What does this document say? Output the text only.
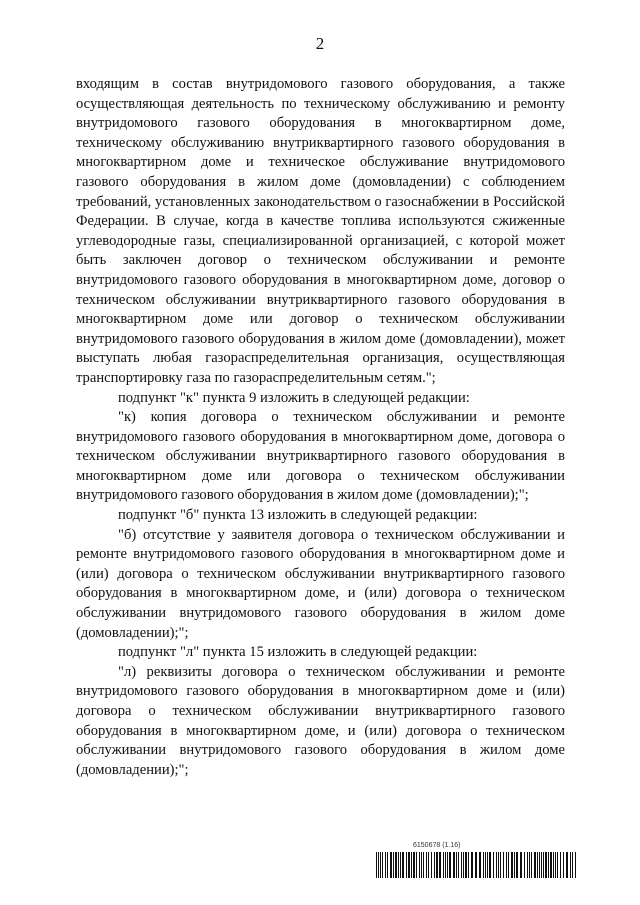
2

входящим в состав внутридомового газового оборудования, а также осуществляющая деятельность по техническому обслуживанию и ремонту внутридомового газового оборудования в многоквартирном доме, техническому обслуживанию внутриквартирного газового оборудования в многоквартирном доме и техническое обслуживание внутридомового газового оборудования в жилом доме (домовладении) с соблюдением требований, установленных законодательством о газоснабжении в Российской Федерации. В случае, когда в качестве топлива используются сжиженные углеводородные газы, специализированной организацией, с которой может быть заключен договор о техническом обслуживании и ремонте внутридомового газового оборудования в многоквартирном доме, договор о техническом обслуживании внутриквартирного газового оборудования в многоквартирном доме или договор о техническом обслуживании внутридомового газового оборудования в жилом доме (домовладении), может выступать любая газораспределительная организация, осуществляющая транспортировку газа по газораспределительным сетям.";

подпункт "к" пункта 9 изложить в следующей редакции:

"к) копия договора о техническом обслуживании и ремонте внутридомового газового оборудования в многоквартирном доме, договора о техническом обслуживании внутриквартирного газового оборудования в многоквартирном доме или договора о техническом обслуживании внутридомового газового оборудования в жилом доме (домовладении);";

подпункт "б" пункта 13 изложить в следующей редакции:

"б) отсутствие у заявителя договора о техническом обслуживании и ремонте внутридомового газового оборудования в многоквартирном доме и (или) договора о техническом обслуживании внутриквартирного газового оборудования в многоквартирном доме, и (или) договора о техническом обслуживании внутридомового газового оборудования в жилом доме (домовладении);";

подпункт "л" пункта 15 изложить в следующей редакции:

"л) реквизиты договора о техническом обслуживании и ремонте внутридомового газового оборудования в многоквартирном доме и (или) договора о техническом обслуживании внутриквартирного газового оборудования в многоквартирном доме, и (или) договора о техническом обслуживании внутридомового газового оборудования в жилом доме (домовладении);";

6150678 (1.16)
